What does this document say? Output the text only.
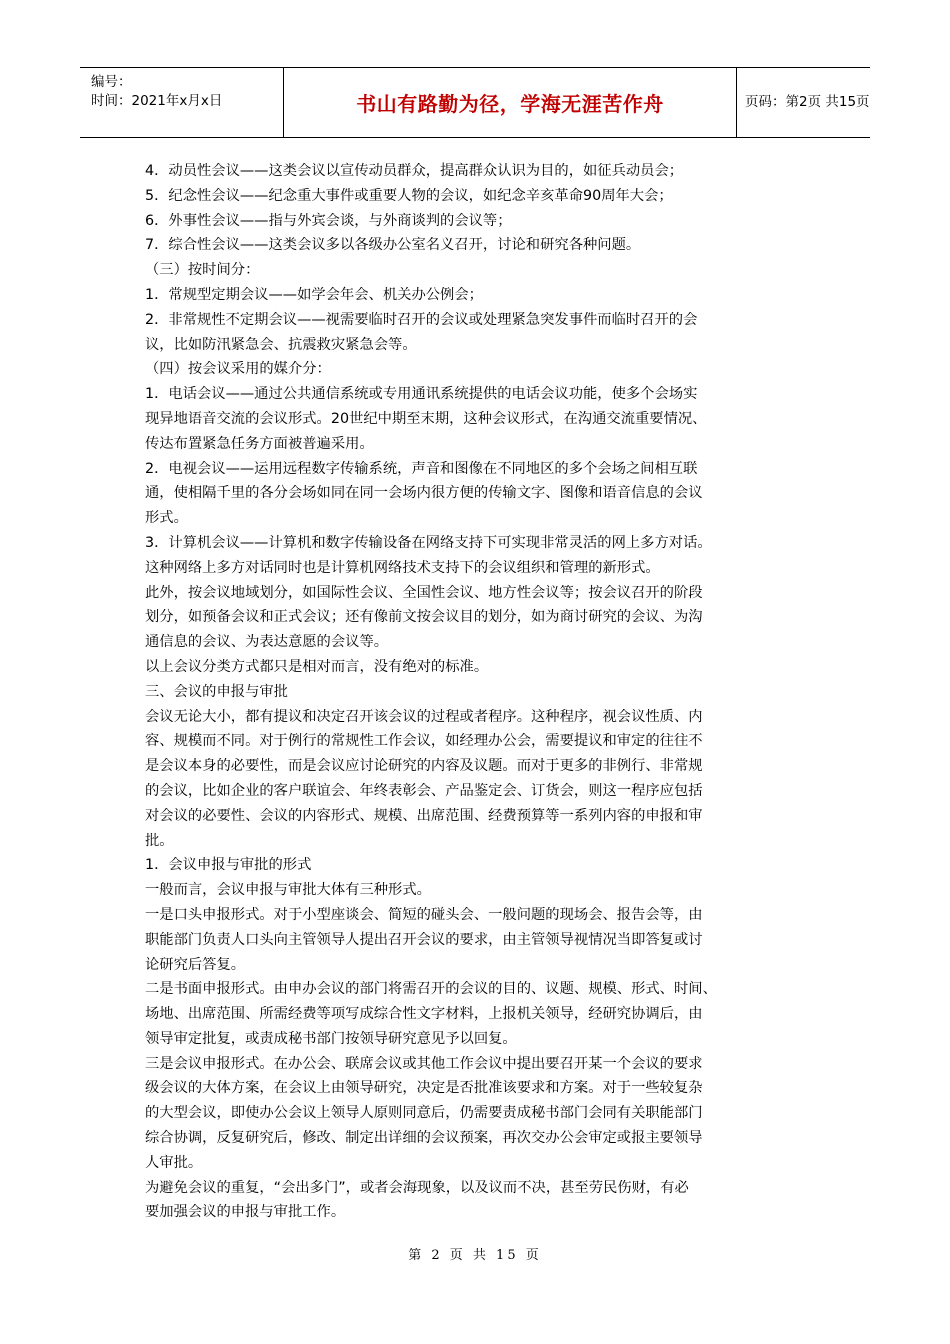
编号：
时间：2021年x月x日	书山有路勤为径，学海无涯苦作舟	页码：第2页 共15页

4．动员性会议——这类会议以宣传动员群众，提高群众认识为目的，如征兵动员会；

5．纪念性会议——纪念重大事件或重要人物的会议，如纪念辛亥革命90周年大会；

6．外事性会议——指与外宾会谈，与外商谈判的会议等；

7．综合性会议——这类会议多以各级办公室名义召开，讨论和研究各种问题。

（三）按时间分：

1．常规型定期会议——如学会年会、机关办公例会；

2．非常规性不定期会议——视需要临时召开的会议或处理紧急突发事件而临时召开的会

议，比如防汛紧急会、抗震救灾紧急会等。

（四）按会议采用的媒介分：

1．电话会议——通过公共通信系统或专用通讯系统提供的电话会议功能，使多个会场实

现异地语音交流的会议形式。20世纪中期至末期，这种会议形式，在沟通交流重要情况、

传达布置紧急任务方面被普遍采用。

2．电视会议——运用远程数字传输系统，声音和图像在不同地区的多个会场之间相互联

通，使相隔千里的各分会场如同在同一会场内很方便的传输文字、图像和语音信息的会议

形式。

3．计算机会议——计算机和数字传输设备在网络支持下可实现非常灵活的网上多方对话。

这种网络上多方对话同时也是计算机网络技术支持下的会议组织和管理的新形式。

此外，按会议地域划分，如国际性会议、全国性会议、地方性会议等；按会议召开的阶段

划分，如预备会议和正式会议；还有像前文按会议目的划分，如为商讨研究的会议、为沟

通信息的会议、为表达意愿的会议等。

以上会议分类方式都只是相对而言，没有绝对的标准。

三、会议的申报与审批

会议无论大小，都有提议和决定召开该会议的过程或者程序。这种程序，视会议性质、内

容、规模而不同。对于例行的常规性工作会议，如经理办公会，需要提议和审定的往往不

是会议本身的必要性，而是会议应讨论研究的内容及议题。而对于更多的非例行、非常规

的会议，比如企业的客户联谊会、年终表彰会、产品鉴定会、订货会，则这一程序应包括

对会议的必要性、会议的内容形式、规模、出席范围、经费预算等一系列内容的申报和审

批。

1．会议申报与审批的形式

一般而言，会议申报与审批大体有三种形式。

一是口头申报形式。对于小型座谈会、简短的碰头会、一般问题的现场会、报告会等，由

职能部门负责人口头向主管领导人提出召开会议的要求，由主管领导视情况当即答复或讨

论研究后答复。

二是书面申报形式。由申办会议的部门将需召开的会议的目的、议题、规模、形式、时间、

场地、出席范围、所需经费等项写成综合性文字材料，上报机关领导，经研究协调后，由

领导审定批复，或责成秘书部门按领导研究意见予以回复。

三是会议申报形式。在办公会、联席会议或其他工作会议中提出要召开某一个会议的要求

级会议的大体方案，在会议上由领导研究，决定是否批准该要求和方案。对于一些较复杂

的大型会议，即使办公会议上领导人原则同意后，仍需要责成秘书部门会同有关职能部门

综合协调，反复研究后，修改、制定出详细的会议预案，再次交办公会审定或报主要领导

人审批。

为避免会议的重复，“会出多门”，或者会海现象，以及议而不决，甚至劳民伤财，有必

要加强会议的申报与审批工作。

第 2 页 共 15 页
